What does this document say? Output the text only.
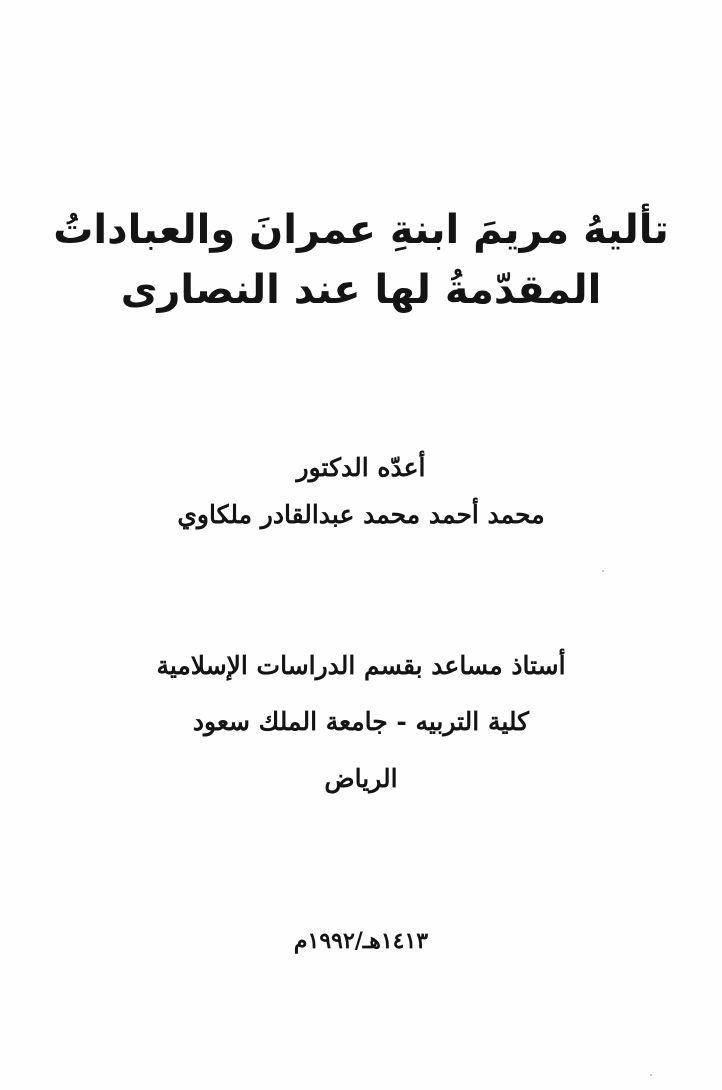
تأليهُ مريمَ ابنةِ عمرانَ والعباداتُ
المقدّمةُ لها عند النصارى
أعدّه الدكتور
محمد أحمد محمد عبدالقادر ملكاوي
أستاذ مساعد بقسم الدراسات الإسلامية
كلية التربيه - جامعة الملك سعود
الرياض
١٤١٣هـ/١٩٩٢م
